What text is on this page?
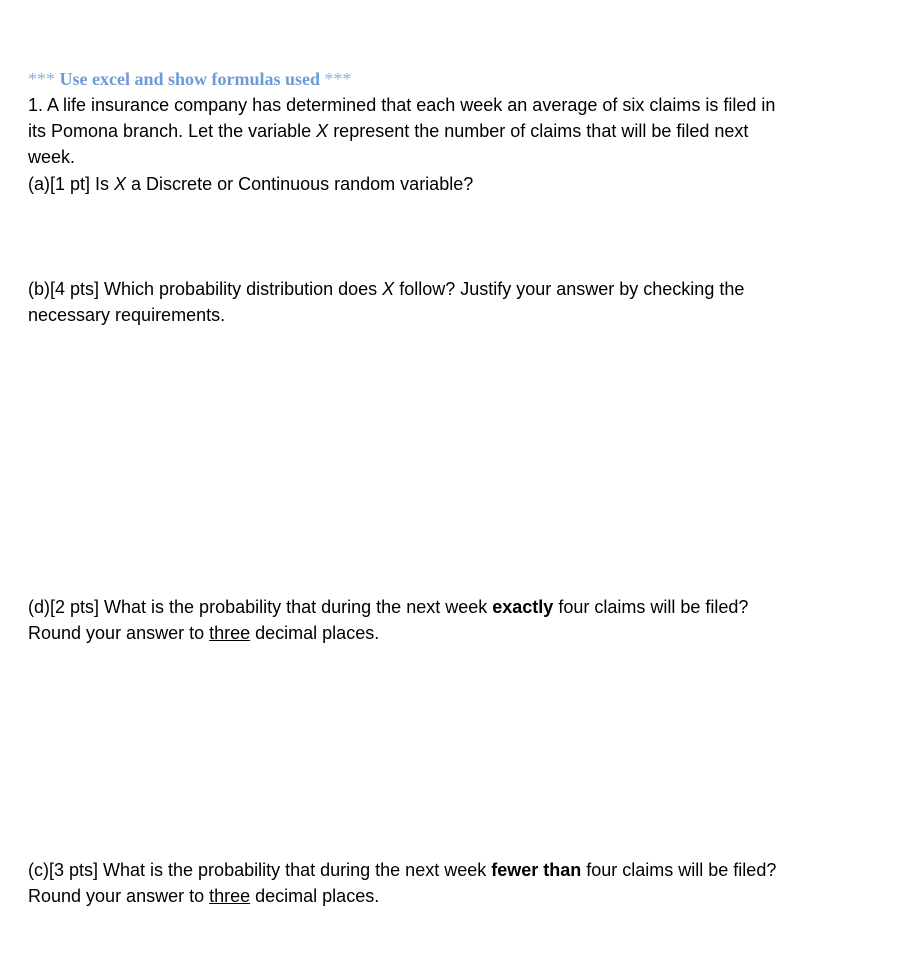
*** Use excel and show formulas used ***

1. A life insurance company has determined that each week an average of six claims is filed in

its Pomona branch. Let the variable X represent the number of claims that will be filed next

week.

(a)[1 pt] Is X a Discrete or Continuous random variable?

(b)[4 pts] Which probability distribution does X follow? Justify your answer by checking the

necessary requirements.

(d)[2 pts] What is the probability that during the next week exactly four claims will be filed?

Round your answer to three decimal places.

(c)[3 pts] What is the probability that during the next week fewer than four claims will be filed?

Round your answer to three decimal places.
